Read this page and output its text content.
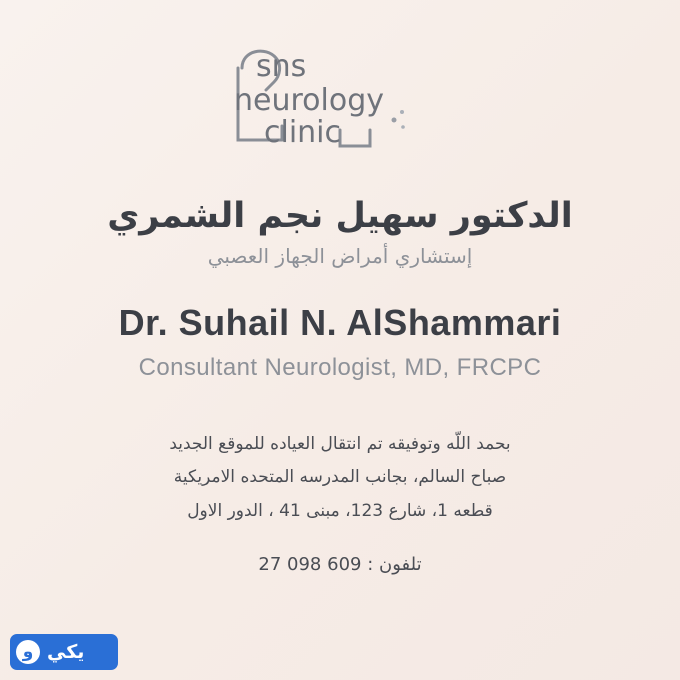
sns
neurology
clinic
الدكتور سهيل نجم الشمري
إستشاري أمراض الجهاز العصبي
Dr. Suhail N. AlShammari
Consultant Neurologist, MD, FRCPC
بحمد اللّه وتوفيقه تم انتقال العياده للموقع الجديد
صباح السالم، بجانب المدرسه المتحده الامريكية
قطعه 1، شارع 123، مبنى 41 ، الدور الاول
تلفون : 609 098 27
و يكي
